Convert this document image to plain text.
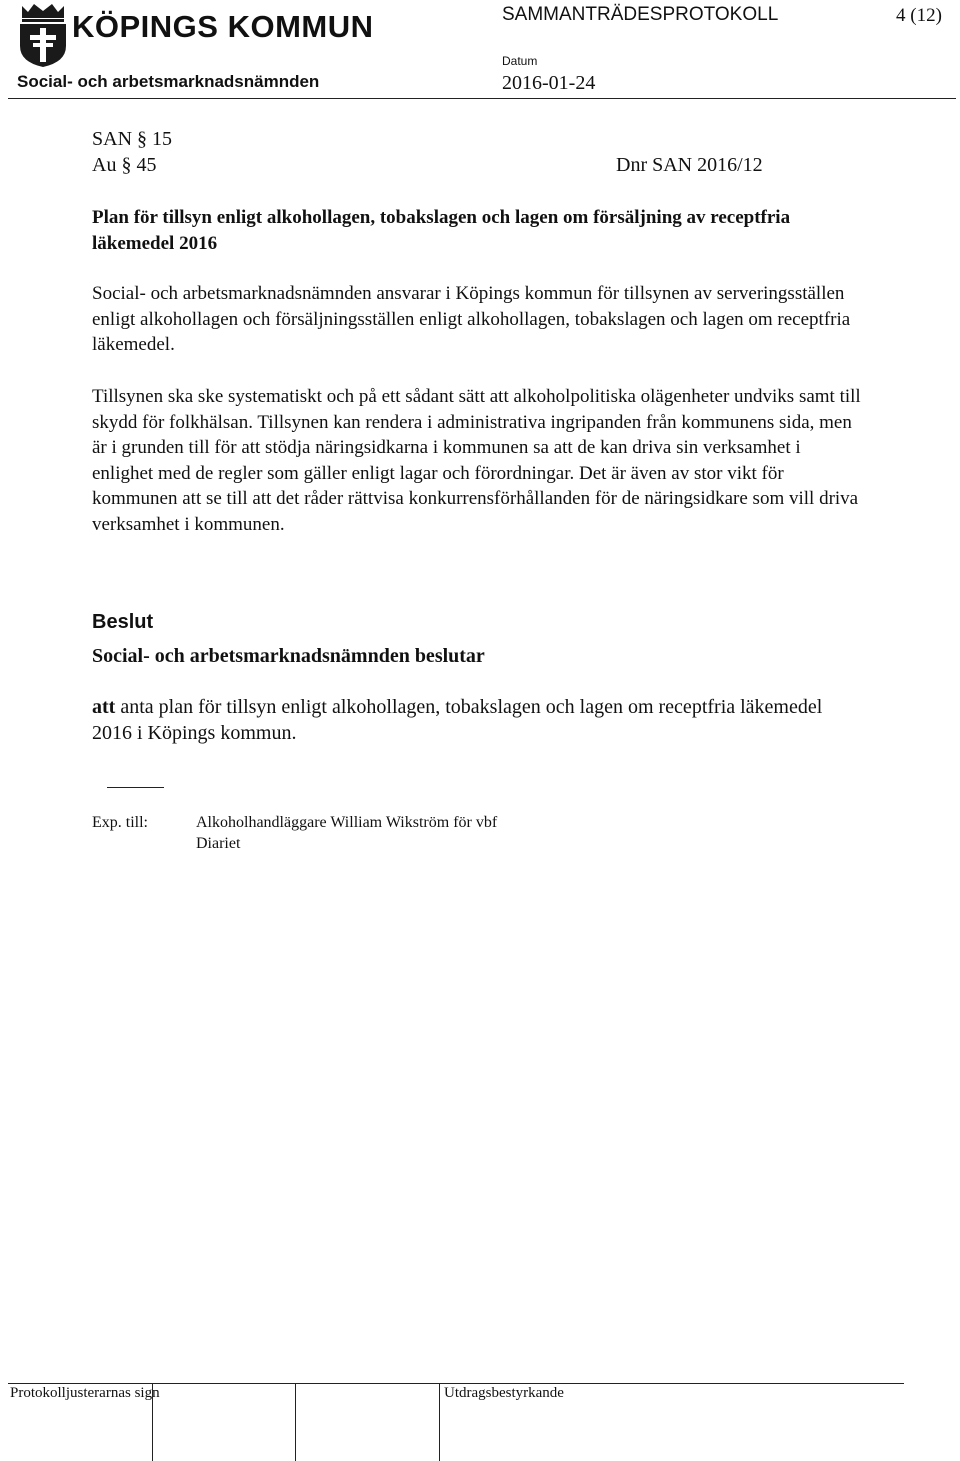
KÖPINGS KOMMUN	SAMMANTRÄDESPROTOKOLL	4 (12)
Social- och arbetsmarknadsnämnden
Datum
2016-01-24
SAN § 15
Au § 45	Dnr SAN 2016/12
Plan för tillsyn enligt alkohollagen, tobakslagen och lagen om försäljning av receptfria läkemedel 2016
Social- och arbetsmarknadsnämnden ansvarar i Köpings kommun för tillsynen av serveringsställen enligt alkohollagen och försäljningsställen enligt alkohollagen, tobakslagen och lagen om receptfria läkemedel.
Tillsynen ska ske systematiskt och på ett sådant sätt att alkoholpolitiska olägenheter undviks samt till skydd för folkhälsan. Tillsynen kan rendera i administrativa ingripanden från kommunens sida, men är i grunden till för att stödja näringsidkarna i kommunen sa att de kan driva sin verksamhet i enlighet med de regler som gäller enligt lagar och förordningar. Det är även av stor vikt för kommunen att se till att det råder rättvisa konkurrensförhållanden för de näringsidkare som vill driva verksamhet i kommunen.
Beslut
Social- och arbetsmarknadsnämnden beslutar
att anta plan för tillsyn enligt alkohollagen, tobakslagen och lagen om receptfria läkemedel 2016 i Köpings kommun.
Exp. till:	Alkoholhandläggare William Wikström för vbf
Diariet
Protokolljusterarnas sign	Utdragsbestyrkande
